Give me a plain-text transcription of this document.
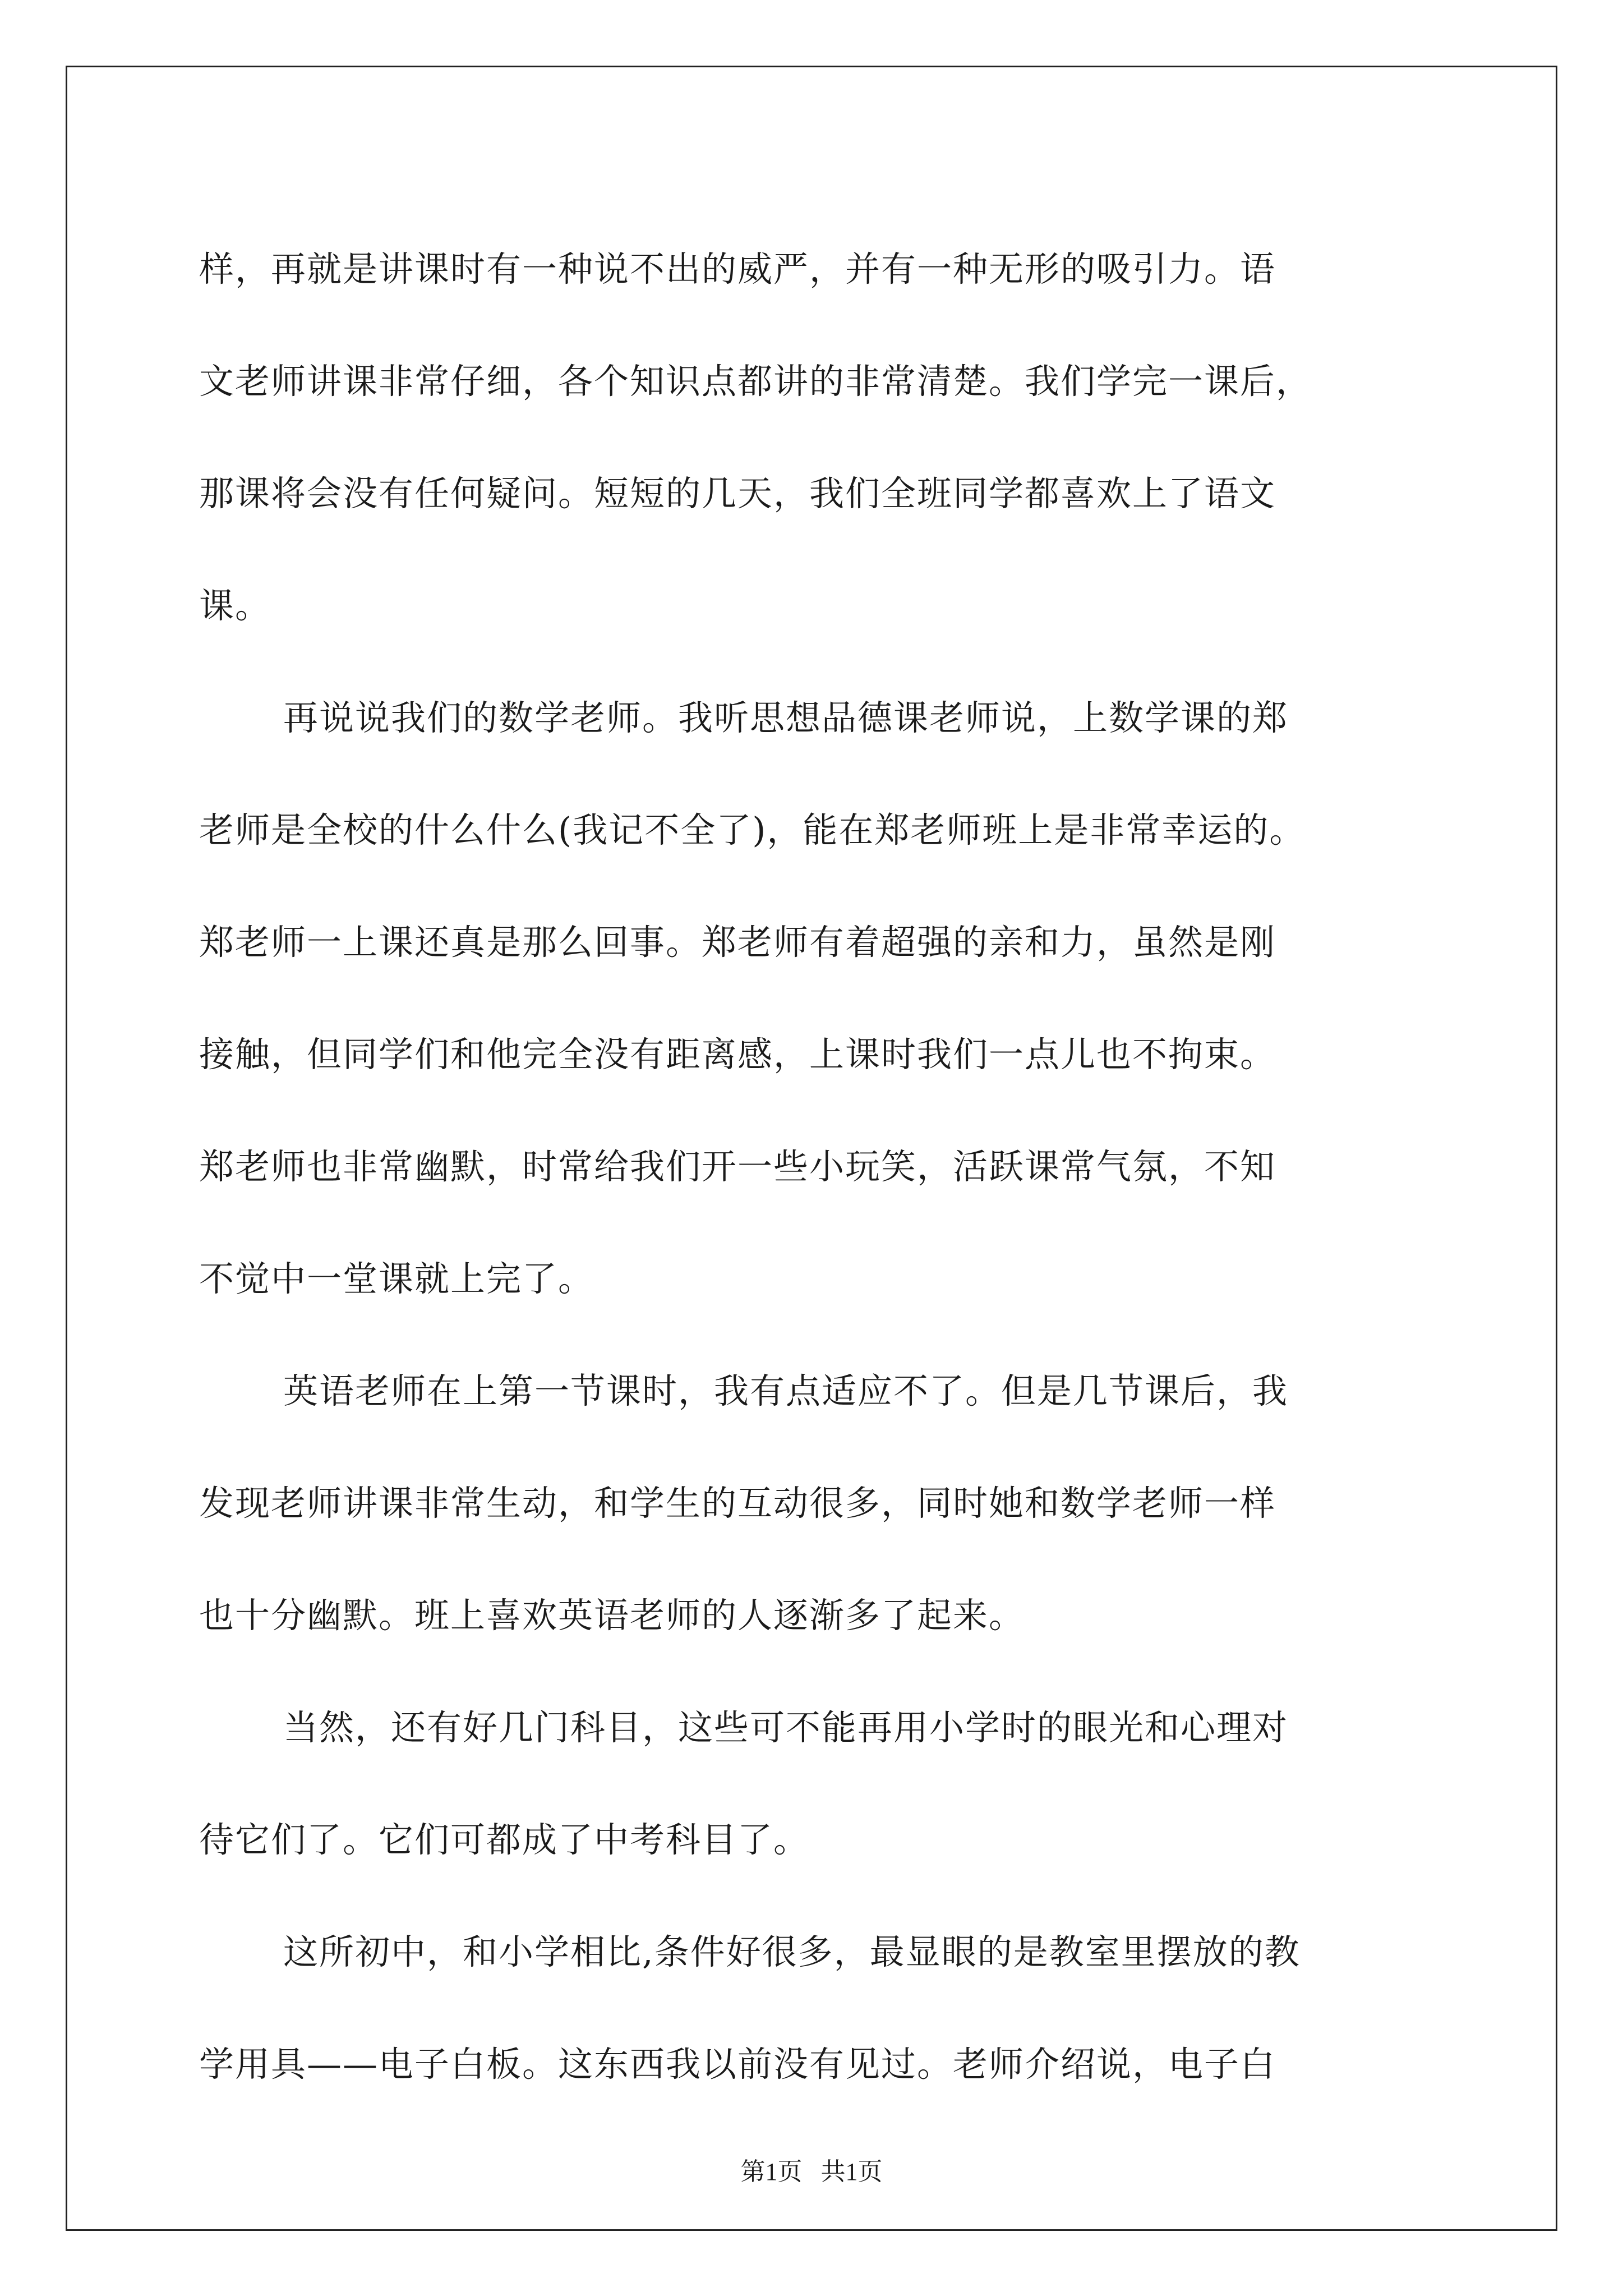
样，再就是讲课时有一种说不出的威严，并有一种无形的吸引力。语
文老师讲课非常仔细，各个知识点都讲的非常清楚。我们学完一课后，
那课将会没有任何疑问。短短的几天，我们全班同学都喜欢上了语文
课。
再说说我们的数学老师。我听思想品德课老师说，上数学课的郑
老师是全校的什么什么(我记不全了)，能在郑老师班上是非常幸运的。
郑老师一上课还真是那么回事。郑老师有着超强的亲和力，虽然是刚
接触，但同学们和他完全没有距离感，上课时我们一点儿也不拘束。
郑老师也非常幽默，时常给我们开一些小玩笑，活跃课常气氛，不知
不觉中一堂课就上完了。
英语老师在上第一节课时，我有点适应不了。但是几节课后，我
发现老师讲课非常生动，和学生的互动很多，同时她和数学老师一样
也十分幽默。班上喜欢英语老师的人逐渐多了起来。
当然，还有好几门科目，这些可不能再用小学时的眼光和心理对
待它们了。它们可都成了中考科目了。
这所初中，和小学相比,条件好很多，最显眼的是教室里摆放的教
学用具——电子白板。这东西我以前没有见过。老师介绍说，电子白
第1页   共1页
